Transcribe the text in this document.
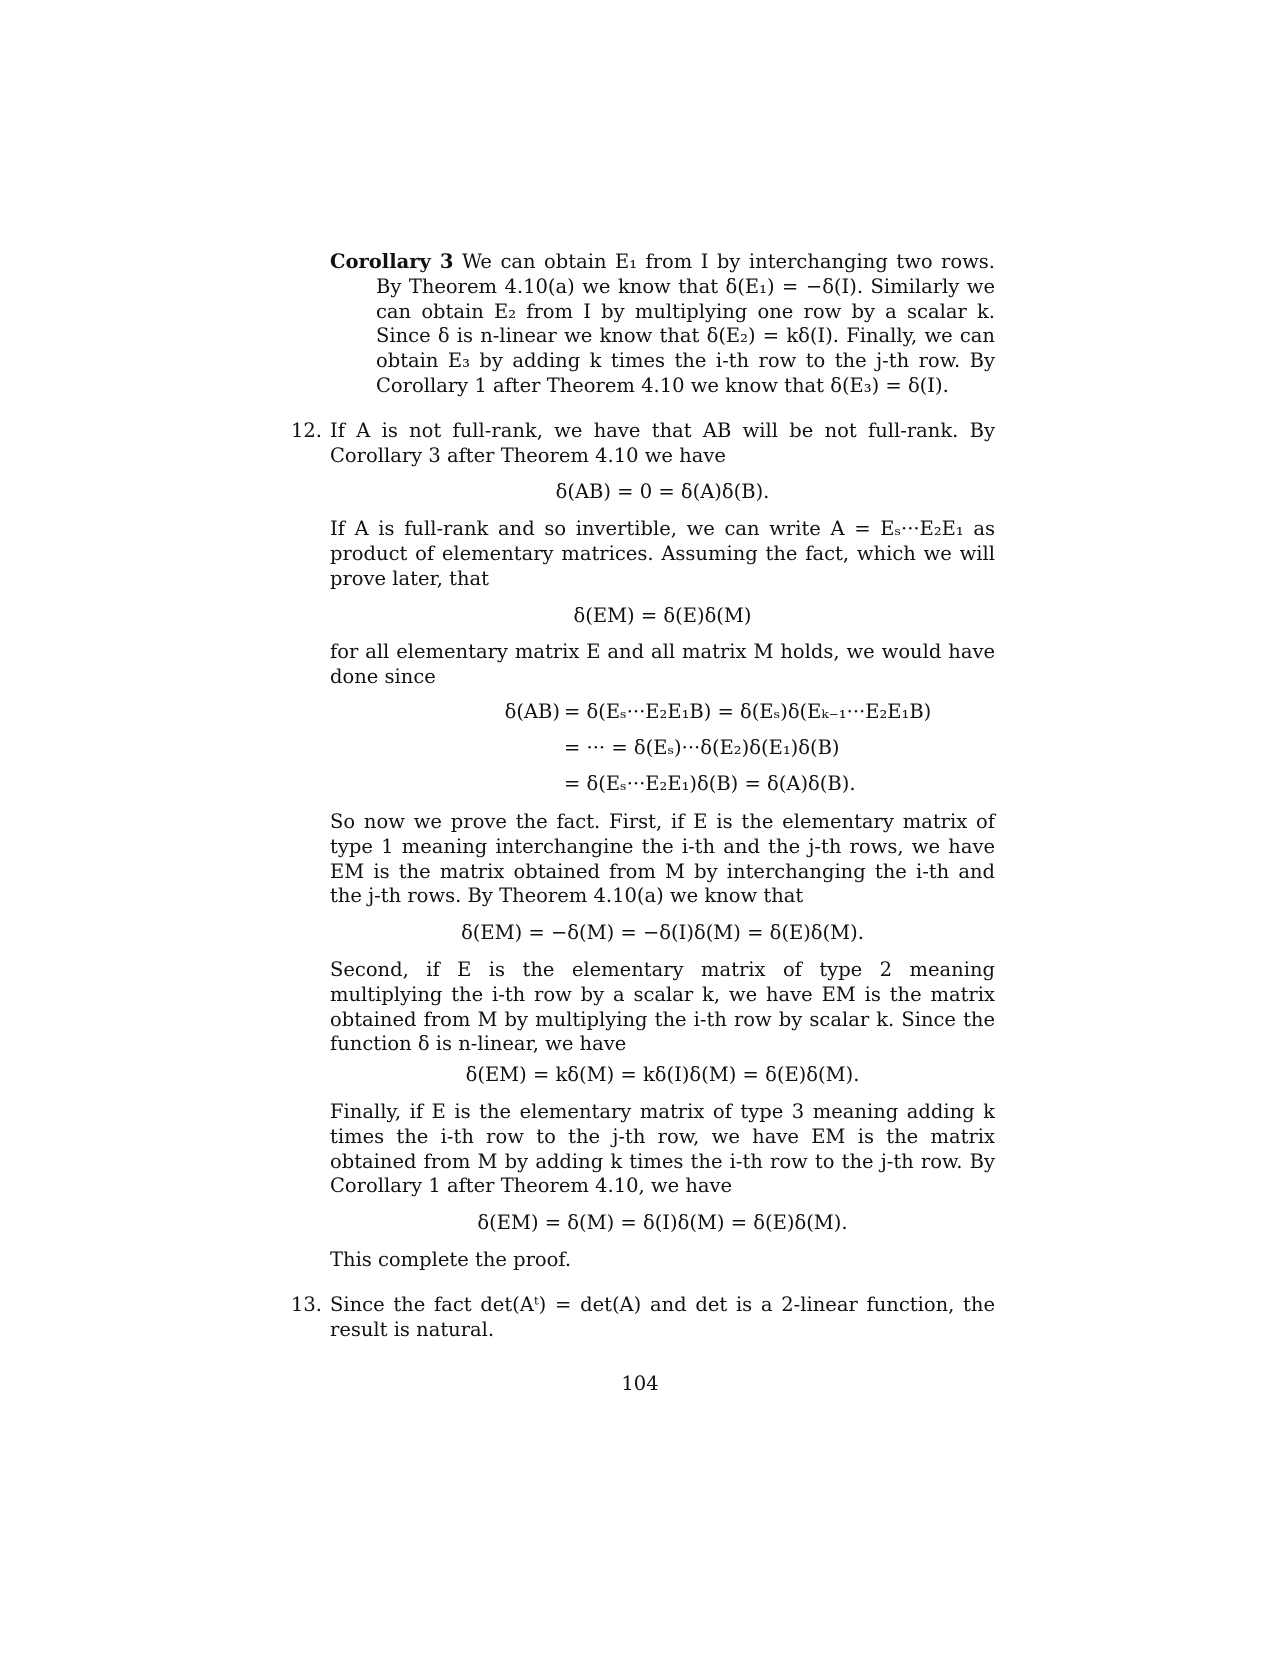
Corollary 3 We can obtain E₁ from I by interchanging two rows. By Theorem 4.10(a) we know that δ(E₁) = −δ(I). Similarly we can obtain E₂ from I by multiplying one row by a scalar k. Since δ is n-linear we know that δ(E₂) = kδ(I). Finally, we can obtain E₃ by adding k times the i-th row to the j-th row. By Corollary 1 after Theorem 4.10 we know that δ(E₃) = δ(I).

12. If A is not full-rank, we have that AB will be not full-rank. By Corollary 3 after Theorem 4.10 we have

δ(AB) = 0 = δ(A)δ(B).

If A is full-rank and so invertible, we can write A = Eₛ···E₂E₁ as product of elementary matrices. Assuming the fact, which we will prove later, that

δ(EM) = δ(E)δ(M)

for all elementary matrix E and all matrix M holds, we would have done since

δ(AB) = δ(Eₛ···E₂E₁B) = δ(Eₛ)δ(Eₖ₋₁···E₂E₁B)
= ··· = δ(Eₛ)···δ(E₂)δ(E₁)δ(B)
= δ(Eₛ···E₂E₁)δ(B) = δ(A)δ(B).

So now we prove the fact. First, if E is the elementary matrix of type 1 meaning interchangine the i-th and the j-th rows, we have EM is the matrix obtained from M by interchanging the i-th and the j-th rows. By Theorem 4.10(a) we know that

δ(EM) = −δ(M) = −δ(I)δ(M) = δ(E)δ(M).

Second, if E is the elementary matrix of type 2 meaning multiplying the i-th row by a scalar k, we have EM is the matrix obtained from M by multiplying the i-th row by scalar k. Since the function δ is n-linear, we have

δ(EM) = kδ(M) = kδ(I)δ(M) = δ(E)δ(M).

Finally, if E is the elementary matrix of type 3 meaning adding k times the i-th row to the j-th row, we have EM is the matrix obtained from M by adding k times the i-th row to the j-th row. By Corollary 1 after Theorem 4.10, we have

δ(EM) = δ(M) = δ(I)δ(M) = δ(E)δ(M).

This complete the proof.

13. Since the fact det(Aᵗ) = det(A) and det is a 2-linear function, the result is natural.

104
